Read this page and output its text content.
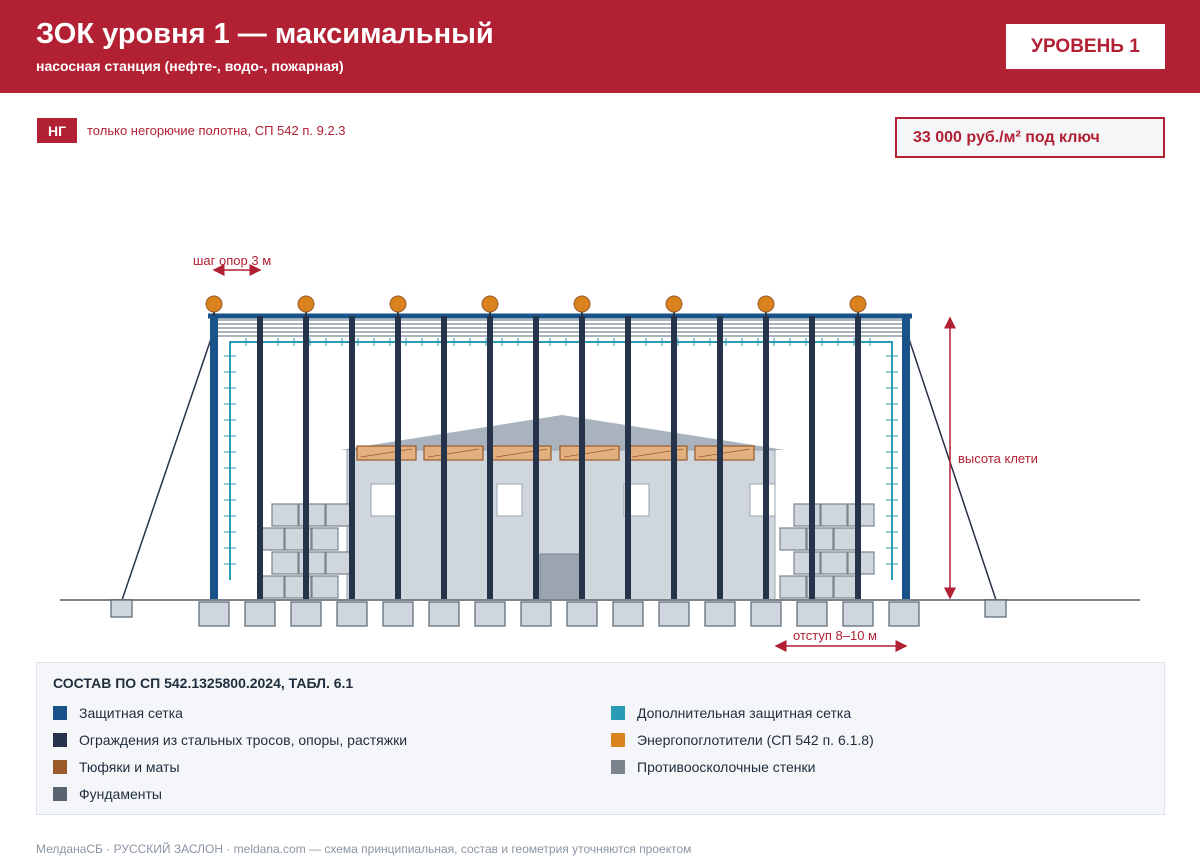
ЗОК уровня 1 — максимальный
насосная станция (нефте-, водо-, пожарная)
УРОВЕНЬ 1
НГ	только негорючие полотна, СП 542 п. 9.2.3	33 000 руб./м² под ключ
шаг опор 3 м
высота клети
отступ 8–10 м
СОСТАВ ПО СП 542.1325800.2024, ТАБЛ. 6.1
Защитная сетка	Дополнительная защитная сетка
Ограждения из стальных тросов, опоры, растяжки	Энергопоглотители (СП 542 п. 6.1.8)
Тюфяки и маты	Противоосколочные стенки
Фундаменты
МелданаСБ · РУССКИЙ ЗАСЛОН · meldana.com — схема принципиальная, состав и геометрия уточняются проектом
